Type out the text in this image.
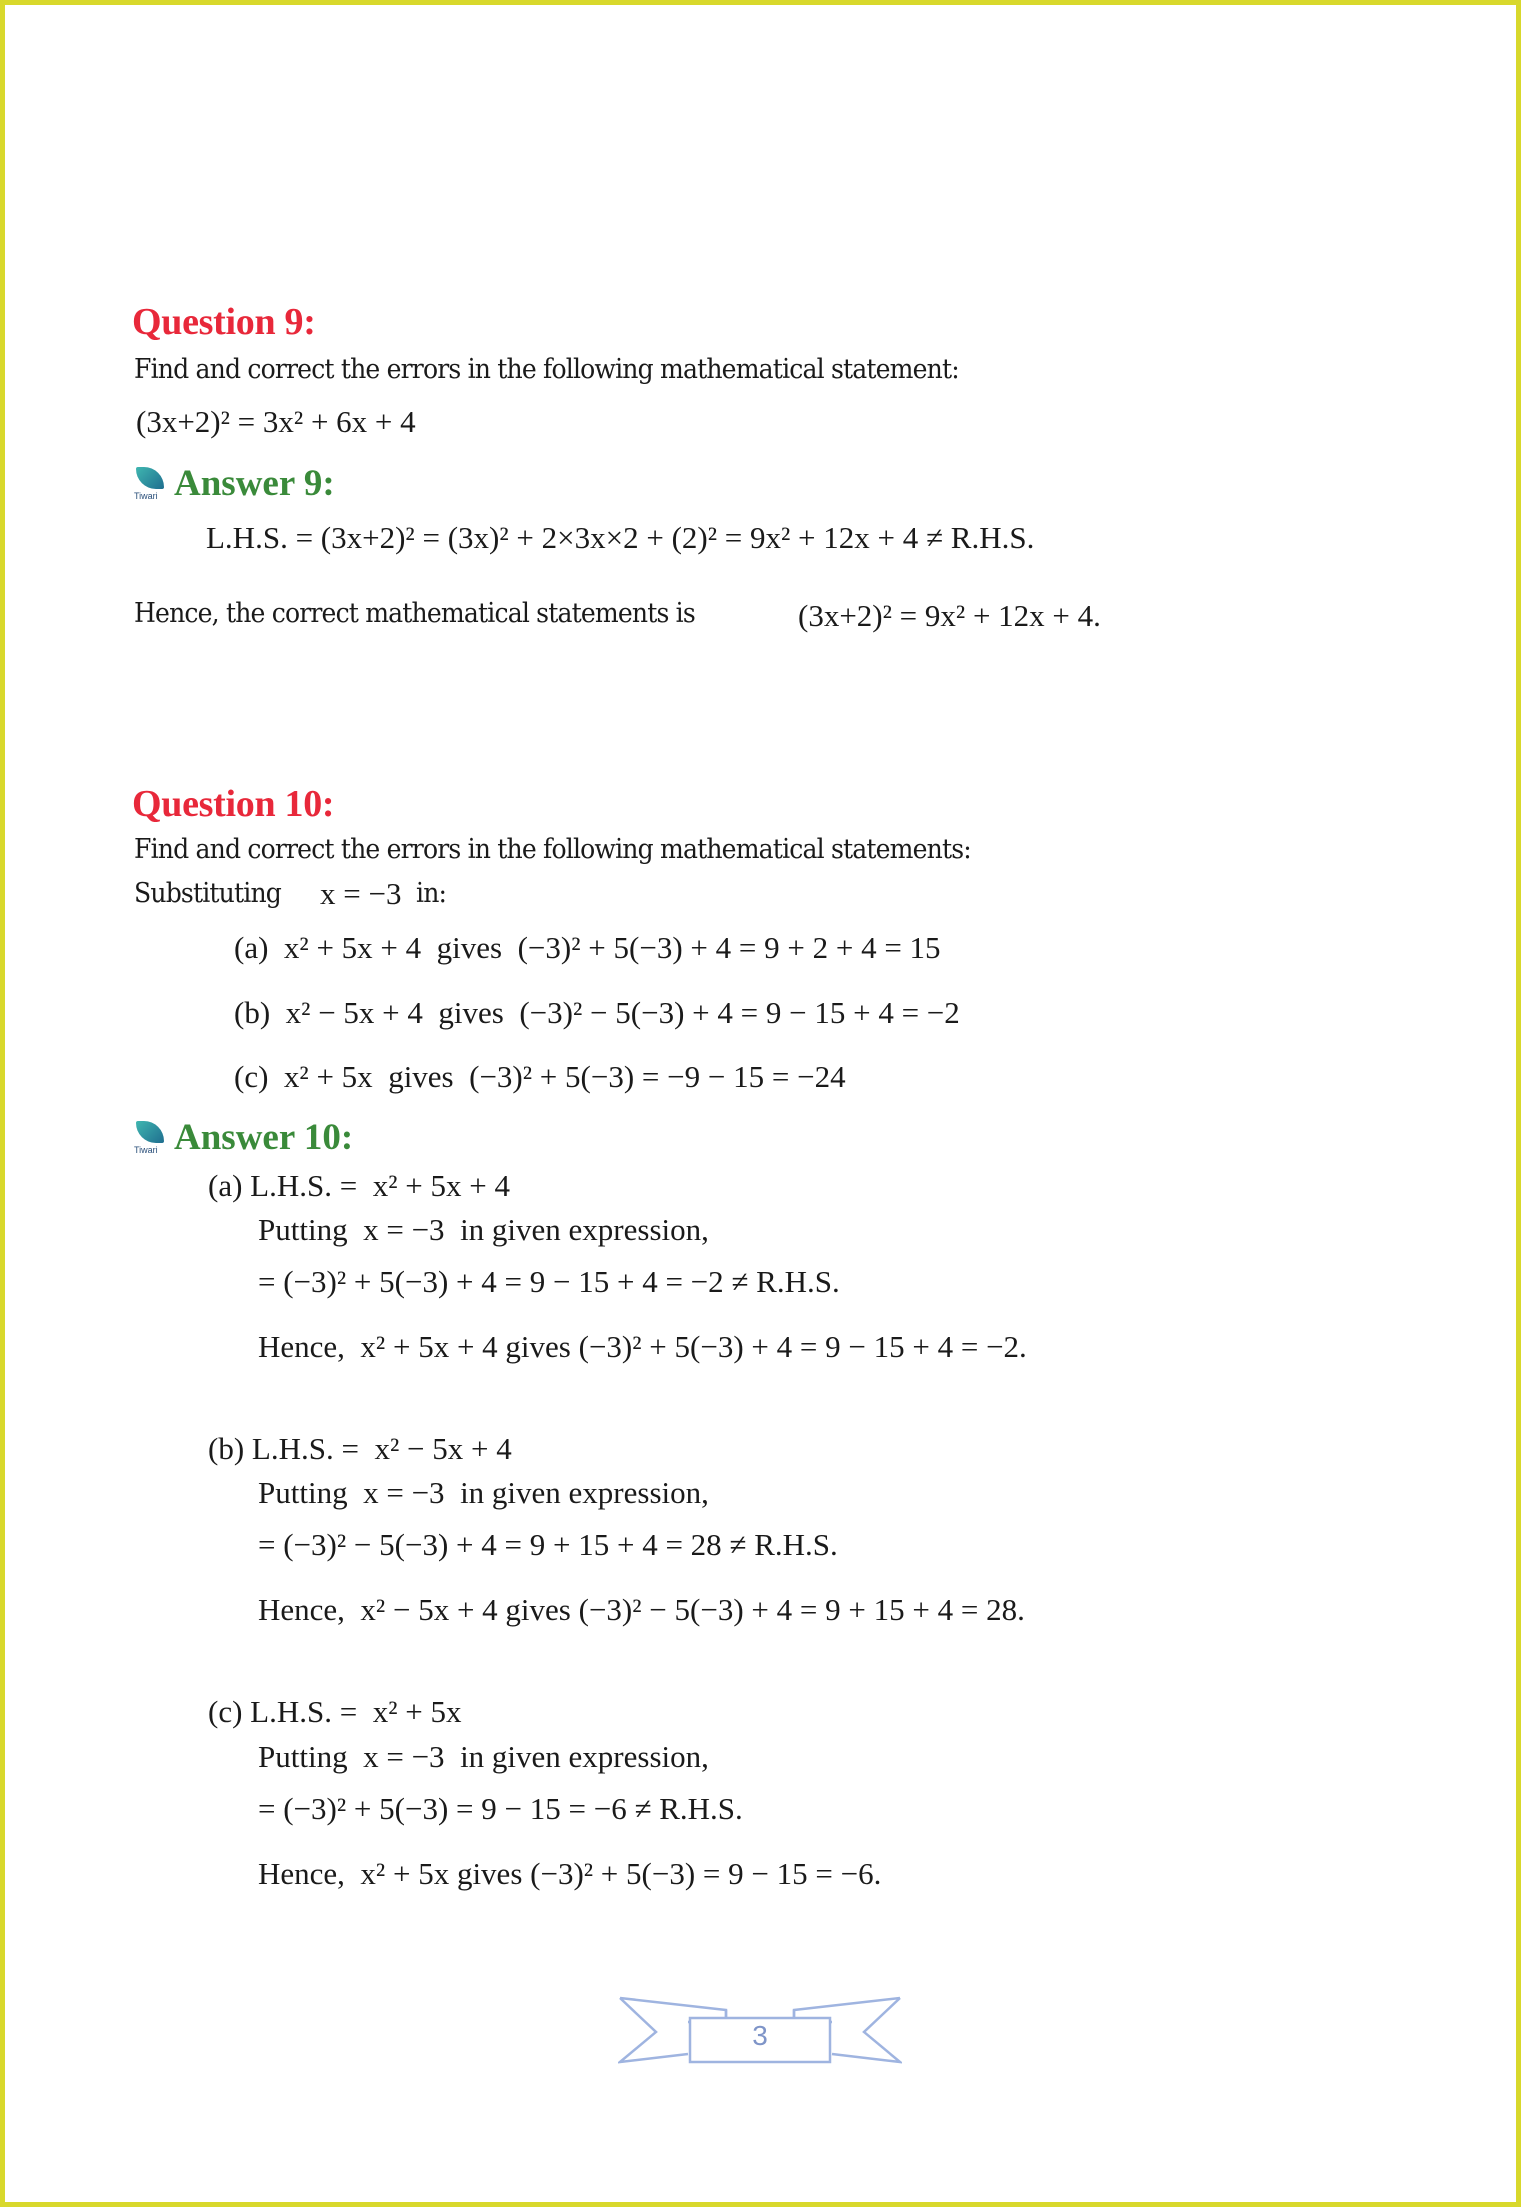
Question 9:
Find and correct the errors in the following mathematical statement:
(3x+2)² = 3x² + 6x + 4
Tiwari Answer 9:
L.H.S. = (3x+2)² = (3x)² + 2×3x×2 + (2)² = 9x² + 12x + 4 ≠ R.H.S.
Hence, the correct mathematical statements is	(3x+2)² = 9x² + 12x + 4.
Question 10:
Find and correct the errors in the following mathematical statements:
Substituting	x = −3 in:
(a) x² + 5x + 4 gives (−3)² + 5(−3) + 4 = 9 + 2 + 4 = 15
(b) x² − 5x + 4 gives (−3)² − 5(−3) + 4 = 9 − 15 + 4 = −2
(c) x² + 5x gives (−3)² + 5(−3) = −9 − 15 = −24
Tiwari Answer 10:
(a) L.H.S. = x² + 5x + 4
Putting x = −3 in given expression,
= (−3)² + 5(−3) + 4 = 9 − 15 + 4 = −2 ≠ R.H.S.
Hence, x² + 5x + 4 gives (−3)² + 5(−3) + 4 = 9 − 15 + 4 = −2.
(b) L.H.S. = x² − 5x + 4
Putting x = −3 in given expression,
= (−3)² − 5(−3) + 4 = 9 + 15 + 4 = 28 ≠ R.H.S.
Hence, x² − 5x + 4 gives (−3)² − 5(−3) + 4 = 9 + 15 + 4 = 28.
(c) L.H.S. = x² + 5x
Putting x = −3 in given expression,
= (−3)² + 5(−3) = 9 − 15 = −6 ≠ R.H.S.
Hence, x² + 5x gives (−3)² + 5(−3) = 9 − 15 = −6.
3
